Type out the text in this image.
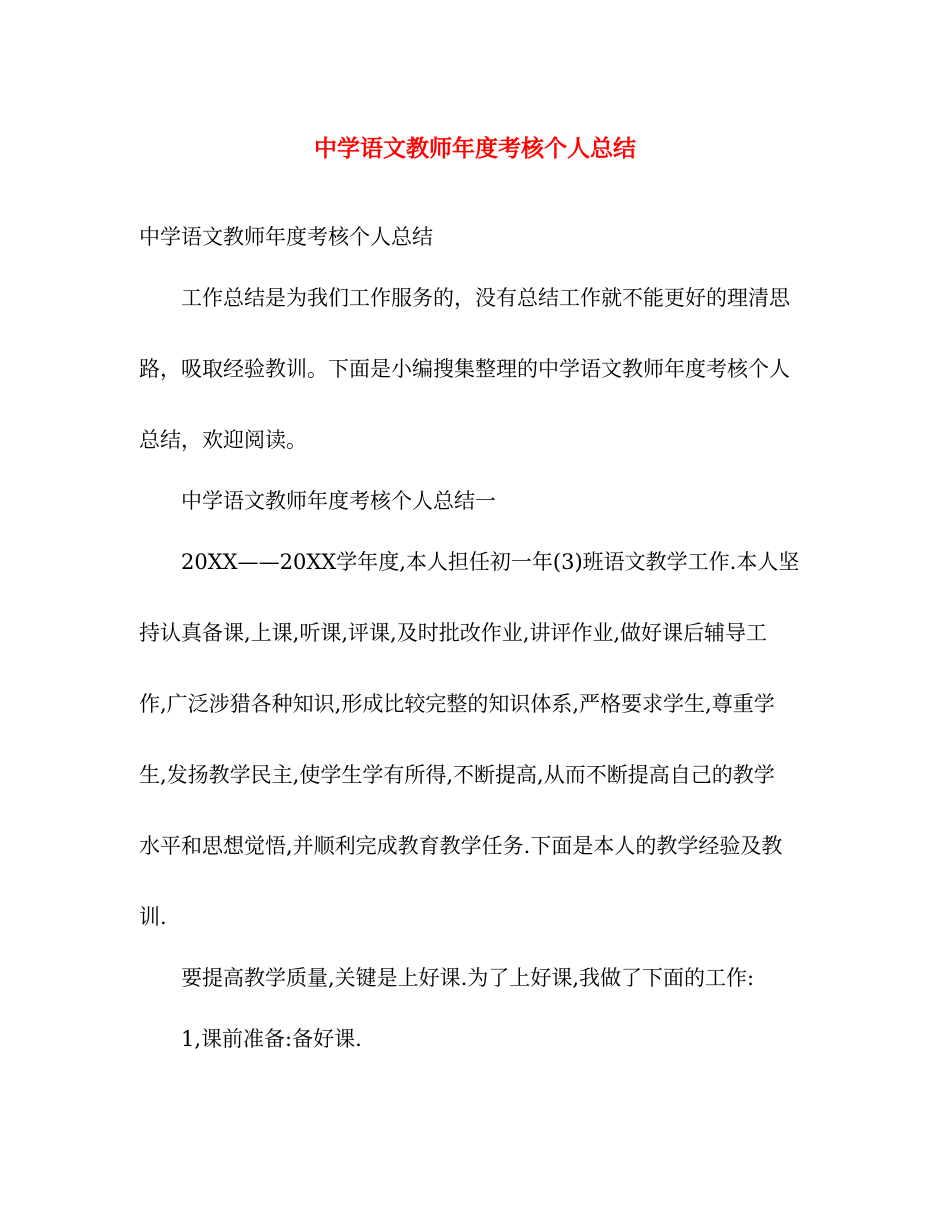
中学语文教师年度考核个人总结

中学语文教师年度考核个人总结

工作总结是为我们工作服务的，没有总结工作就不能更好的理清思

路，吸取经验教训。下面是小编搜集整理的中学语文教师年度考核个人

总结，欢迎阅读。

中学语文教师年度考核个人总结一

20XX——20XX学年度,本人担任初一年(3)班语文教学工作.本人坚

持认真备课,上课,听课,评课,及时批改作业,讲评作业,做好课后辅导工

作,广泛涉猎各种知识,形成比较完整的知识体系,严格要求学生,尊重学

生,发扬教学民主,使学生学有所得,不断提高,从而不断提高自己的教学

水平和思想觉悟,并顺利完成教育教学任务.下面是本人的教学经验及教

训.

要提高教学质量,关键是上好课.为了上好课,我做了下面的工作:

1,课前准备:备好课.
